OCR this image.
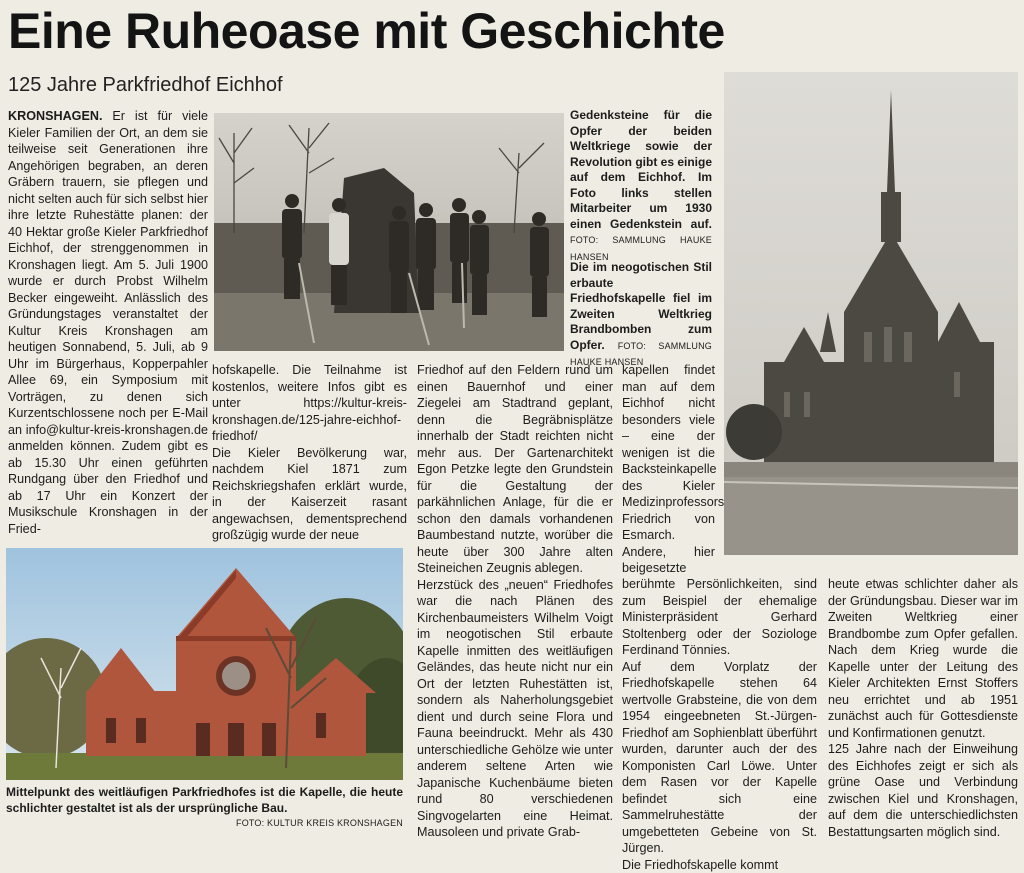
Eine Ruheoase mit Geschichte
125 Jahre Parkfriedhof Eichhof

KRONSHAGEN. Er ist für viele Kieler Familien der Ort, an dem sie teilweise seit Generationen ihre Angehörigen begraben, an deren Gräbern trauern, sie pflegen und nicht selten auch für sich selbst hier ihre letzte Ruhestätte planen: der 40 Hektar große Kieler Parkfriedhof Eichhof, der strenggenommen in Kronshagen liegt. Am 5. Juli 1900 wurde er durch Probst Wilhelm Becker eingeweiht. Anlässlich des Gründungstages veranstaltet der Kultur Kreis Kronshagen am heutigen Sonnabend, 5. Juli, ab 9 Uhr im Bürgerhaus, Kopperpahler Allee 69, ein Symposium mit Vorträgen, zu denen sich Kurzentschlossene noch per E-Mail an info@kultur-kreis-kronshagen.de anmelden können. Zudem gibt es ab 15.30 Uhr einen geführten Rundgang über den Friedhof und ab 17 Uhr ein Konzert der Musikschule Kronshagen in der Fried-

Gedenksteine für die Opfer der beiden Weltkriege sowie der Revolution gibt es einige auf dem Eichhof. Im Foto links stellen Mitarbeiter um 1930 einen Gedenkstein auf. FOTO: SAMMLUNG HAUKE HANSEN
Die im neogotischen Stil erbaute Friedhofskapelle fiel im Zweiten Weltkrieg Brandbomben zum Opfer. FOTO: SAMMLUNG HAUKE HANSEN

hofskapelle. Die Teilnahme ist kostenlos, weitere Infos gibt es unter https://kultur-kreis-kronshagen.de/125-jahre-eichhof-friedhof/

Die Kieler Bevölkerung war, nachdem Kiel 1871 zum Reichskriegshafen erklärt wurde, in der Kaiserzeit rasant angewachsen, dementsprechend großzügig wurde der neue

Friedhof auf den Feldern rund um einen Bauernhof und einer Ziegelei am Stadtrand geplant, denn die Begräbnisplätze innerhalb der Stadt reichten nicht mehr aus. Der Gartenarchitekt Egon Petzke legte den Grundstein für die Gestaltung der parkähnlichen Anlage, für die er schon den damals vorhandenen Baumbestand nutzte, worüber die heute über 300 Jahre alten Steineichen Zeugnis ablegen.

Herzstück des „neuen“ Friedhofes war die nach Plänen des Kirchenbaumeisters Wilhelm Voigt im neogotischen Stil erbaute Kapelle inmitten des weitläufigen Geländes, das heute nicht nur ein Ort der letzten Ruhestätten ist, sondern als Naherholungsgebiet dient und durch seine Flora und Fauna beeindruckt. Mehr als 430 unterschiedliche Gehölze wie unter anderem seltene Arten wie Japanische Kuchenbäume bieten rund 80 verschiedenen Singvogelarten eine Heimat. Mausoleen und private Grab-

kapellen findet man auf dem Eichhof nicht besonders viele – eine der wenigen ist die Backsteinkapelle des Kieler Medizinprofessors Friedrich von Esmarch. Andere, hier beigesetzte

berühmte Persönlichkeiten, sind zum Beispiel der ehemalige Ministerpräsident Gerhard Stoltenberg oder der Soziologe Ferdinand Tönnies.

Auf dem Vorplatz der Friedhofskapelle stehen 64 wertvolle Grabsteine, die von dem 1954 eingeebneten St.-Jürgen-Friedhof am Sophienblatt überführt wurden, darunter auch der des Komponisten Carl Löwe. Unter dem Rasen vor der Kapelle befindet sich eine Sammelruhestätte der umgebetteten Gebeine von St. Jürgen.

Die Friedhofskapelle kommt

heute etwas schlichter daher als der Gründungsbau. Dieser war im Zweiten Weltkrieg einer Brandbombe zum Opfer gefallen. Nach dem Krieg wurde die Kapelle unter der Leitung des Kieler Architekten Ernst Stoffers neu errichtet und ab 1951 zunächst auch für Gottesdienste und Konfirmationen genutzt.

125 Jahre nach der Einweihung des Eichhofes zeigt er sich als grüne Oase und Verbindung zwischen Kiel und Kronshagen, auf dem die unterschiedlichsten Bestattungsarten möglich sind.

Mittelpunkt des weitläufigen Parkfriedhofes ist die Kapelle, die heute schlichter gestaltet ist als der ursprüngliche Bau.
FOTO: KULTUR KREIS KRONSHAGEN
